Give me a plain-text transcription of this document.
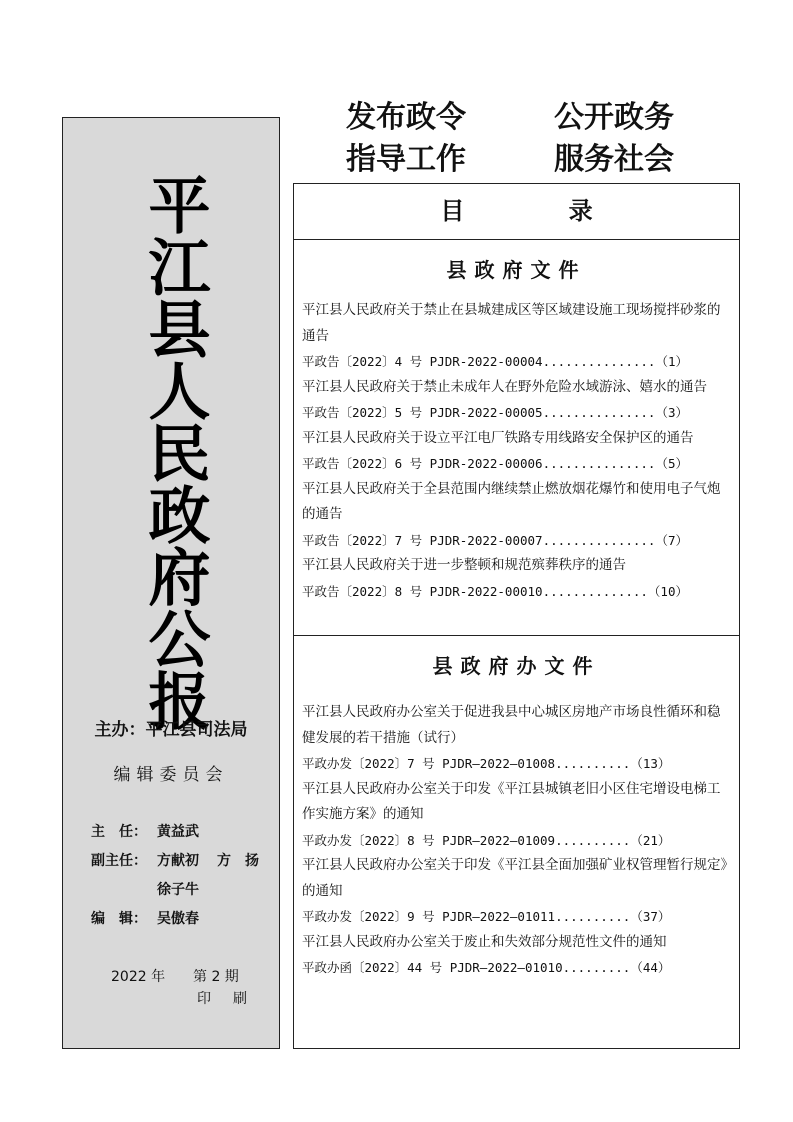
平江县人民政府公报
主办：平江县司法局
编辑委员会
主　任： 黄益武
副主任： 方献初 方　扬
徐子牛
编　辑： 吴傲春
2022 年 第 2 期
印　刷
发布政令	公开政务
指导工作	服务社会
目 录
县政府文件
平江县人民政府关于禁止在县城建成区等区域建设施工现场搅拌砂浆的通告
平政告〔2022〕4 号 PJDR-2022-00004...............（1）
平江县人民政府关于禁止未成年人在野外危险水域游泳、嬉水的通告
平政告〔2022〕5 号 PJDR-2022-00005...............（3）
平江县人民政府关于设立平江电厂铁路专用线路安全保护区的通告
平政告〔2022〕6 号 PJDR-2022-00006...............（5）
平江县人民政府关于全县范围内继续禁止燃放烟花爆竹和使用电子气炮的通告
平政告〔2022〕7 号 PJDR-2022-00007...............（7）
平江县人民政府关于进一步整顿和规范殡葬秩序的通告
平政告〔2022〕8 号 PJDR-2022-00010..............（10）
县政府办文件
平江县人民政府办公室关于促进我县中心城区房地产市场良性循环和稳健发展的若干措施（试行）
平政办发〔2022〕7 号 PJDR—2022—01008..........（13）
平江县人民政府办公室关于印发《平江县城镇老旧小区住宅增设电梯工作实施方案》的通知
平政办发〔2022〕8 号 PJDR—2022—01009..........（21）
平江县人民政府办公室关于印发《平江县全面加强矿业权管理暂行规定》的通知
平政办发〔2022〕9 号 PJDR—2022—01011..........（37）
平江县人民政府办公室关于废止和失效部分规范性文件的通知
平政办函〔2022〕44 号 PJDR—2022—01010.........（44）
